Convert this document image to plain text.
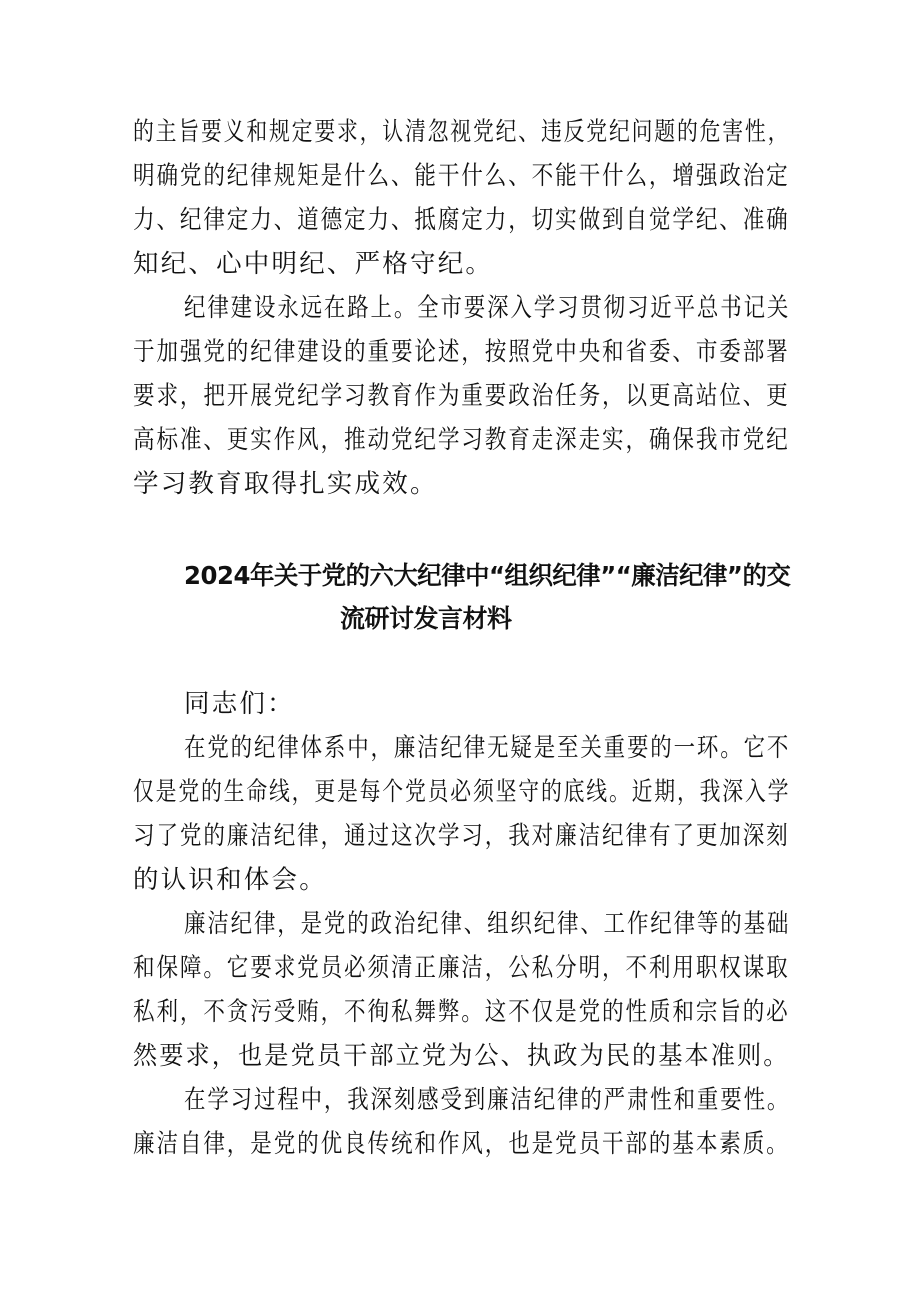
的主旨要义和规定要求，认清忽视党纪、违反党纪问题的危害性，
明确党的纪律规矩是什么、能干什么、不能干什么，增强政治定
力、纪律定力、道德定力、抵腐定力，切实做到自觉学纪、准确
知纪、心中明纪、严格守纪。
纪律建设永远在路上。全市要深入学习贯彻习近平总书记关
于加强党的纪律建设的重要论述，按照党中央和省委、市委部署
要求，把开展党纪学习教育作为重要政治任务，以更高站位、更
高标准、更实作风，推动党纪学习教育走深走实，确保我市党纪
学习教育取得扎实成效。
2024年关于党的六大纪律中“组织纪律”“廉洁纪律”的交
流研讨发言材料
同志们：
在党的纪律体系中，廉洁纪律无疑是至关重要的一环。它不
仅是党的生命线，更是每个党员必须坚守的底线。近期，我深入学
习了党的廉洁纪律，通过这次学习，我对廉洁纪律有了更加深刻
的认识和体会。
廉洁纪律，是党的政治纪律、组织纪律、工作纪律等的基础
和保障。它要求党员必须清正廉洁，公私分明，不利用职权谋取
私利，不贪污受贿，不徇私舞弊。这不仅是党的性质和宗旨的必
然要求，也是党员干部立党为公、执政为民的基本准则。
在学习过程中，我深刻感受到廉洁纪律的严肃性和重要性。
廉洁自律，是党的优良传统和作风，也是党员干部的基本素质。
